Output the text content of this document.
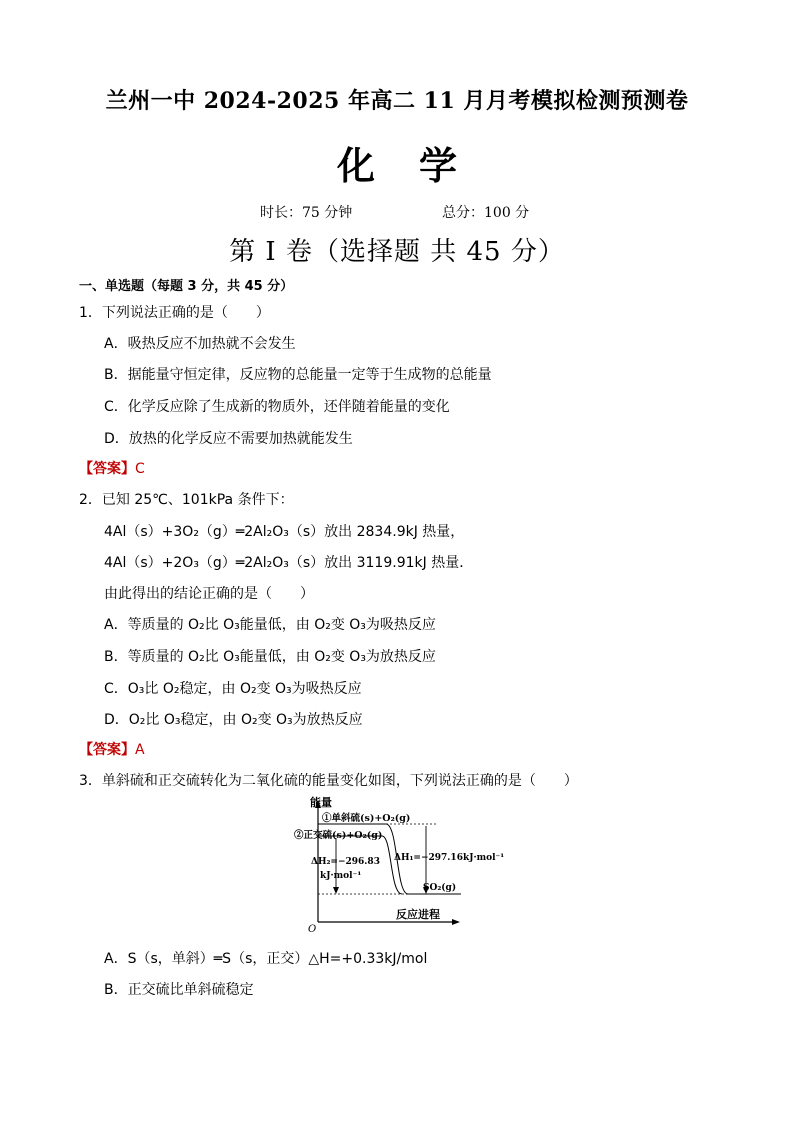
兰州一中 2024-2025 年高二 11 月月考模拟检测预测卷
化学
时长：75 分钟	总分：100 分
第 I 卷（选择题 共 45 分）
一、单选题（每题 3 分，共 45 分）
1．下列说法正确的是（　　）
A．吸热反应不加热就不会发生
B．据能量守恒定律，反应物的总能量一定等于生成物的总能量
C．化学反应除了生成新的物质外，还伴随着能量的变化
D．放热的化学反应不需要加热就能发生
【答案】C
2．已知 25℃、101kPa 条件下：
4Al（s）+3O₂（g）═2Al₂O₃（s）放出 2834.9kJ 热量，
4Al（s）+2O₃（g）═2Al₂O₃（s）放出 3119.91kJ 热量．
由此得出的结论正确的是（　　）
A．等质量的 O₂比 O₃能量低，由 O₂变 O₃为吸热反应
B．等质量的 O₂比 O₃能量低，由 O₂变 O₃为放热反应
C．O₃比 O₂稳定，由 O₂变 O₃为吸热反应
D．O₂比 O₃稳定，由 O₂变 O₃为放热反应
【答案】A
3．单斜硫和正交硫转化为二氧化硫的能量变化如图，下列说法正确的是（　　）
能量
反应进程
O
①单斜硫(s)+O₂(g)
②正交硫(s)+O₂(g)
ΔH₂=−296.83
kJ·mol⁻¹
ΔH₁=−297.16kJ·mol⁻¹
SO₂(g)
A．S（s，单斜）═S（s，正交）△H=+0.33kJ/mol
B．正交硫比单斜硫稳定
